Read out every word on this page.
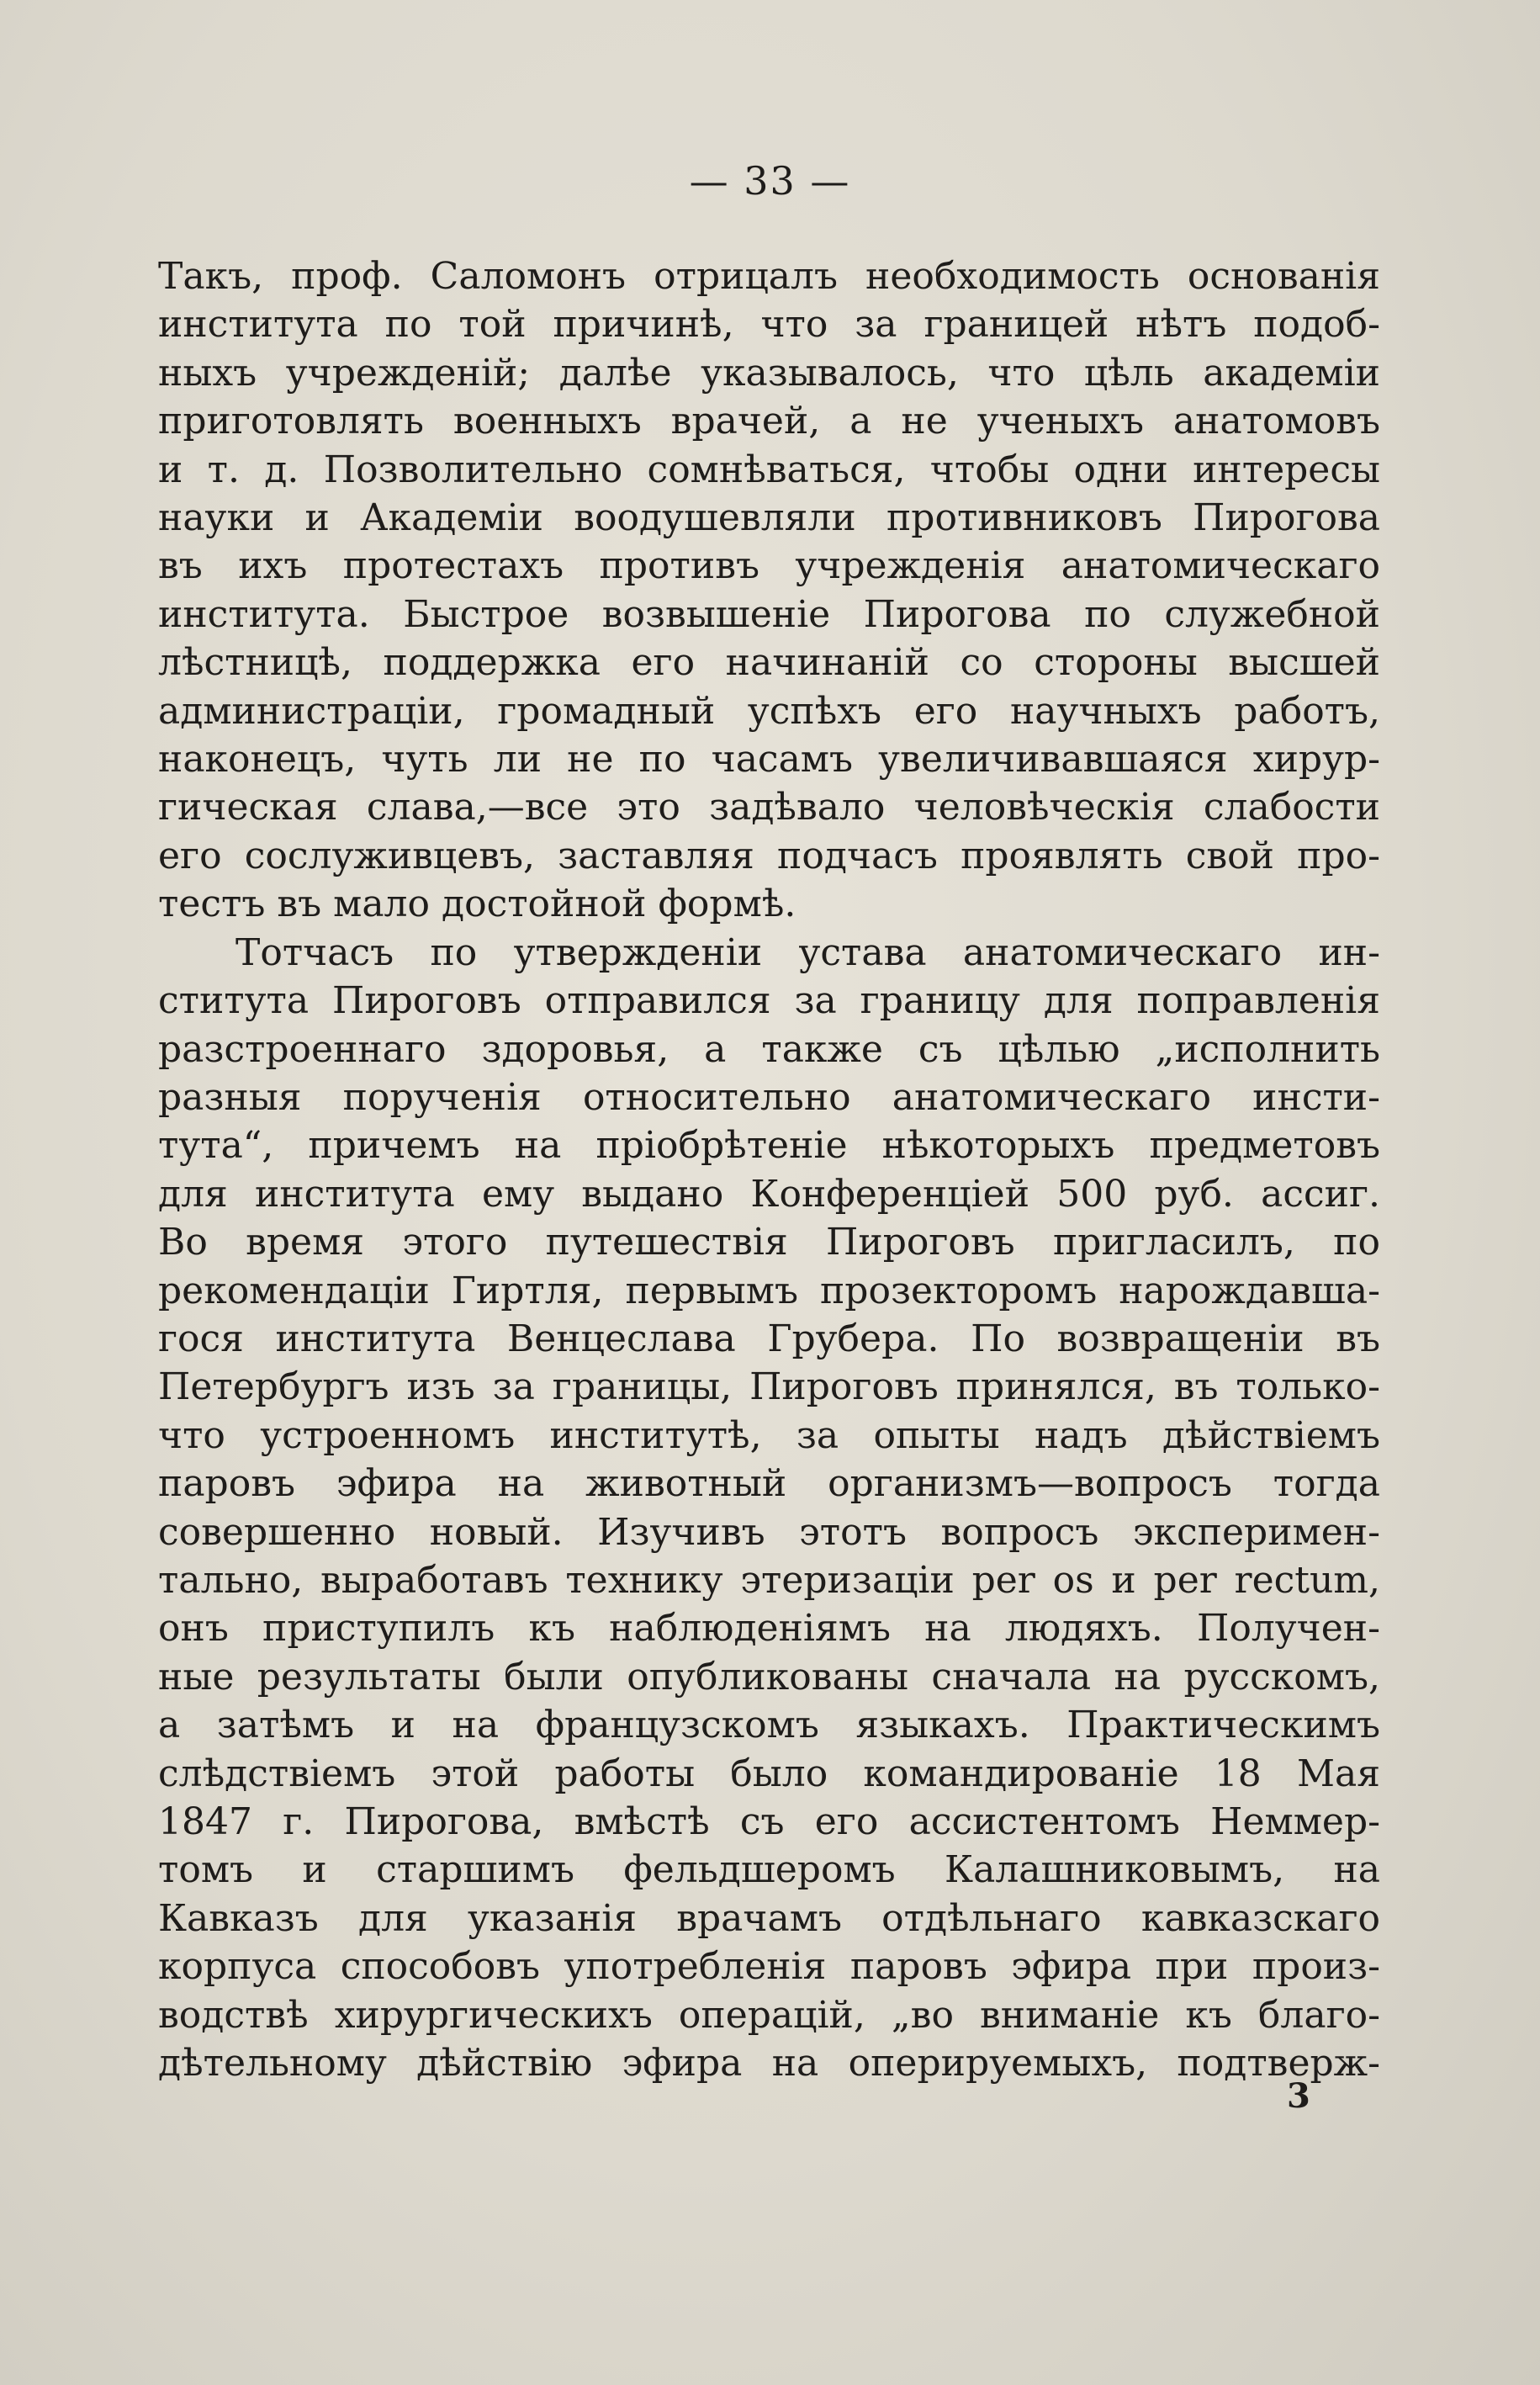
— 33 —
Такъ, проф. Саломонъ отрицалъ необходимость основанія
института по той причинѣ, что за границей нѣтъ подоб-
ныхъ учрежденій; далѣе указывалось, что цѣль академіи
приготовлять военныхъ врачей, а не ученыхъ анатомовъ
и т. д. Позволительно сомнѣваться, чтобы одни интересы
науки и Академіи воодушевляли противниковъ Пирогова
въ ихъ протестахъ противъ учрежденія анатомическаго
института. Быстрое возвышеніе Пирогова по служебной
лѣстницѣ, поддержка его начинаній со стороны высшей
администраціи, громадный успѣхъ его научныхъ работъ,
наконецъ, чуть ли не по часамъ увеличивавшаяся хирур-
гическая слава,—все это задѣвало человѣческія слабости
его сослуживцевъ, заставляя подчасъ проявлять свой про-
тестъ въ мало достойной формѣ.
Тотчасъ по утвержденіи устава анатомическаго ин-
ститута Пироговъ отправился за границу для поправленія
разстроеннаго здоровья, а также съ цѣлью „исполнить
разныя порученія относительно анатомическаго инсти-
тута“, причемъ на пріобрѣтеніе нѣкоторыхъ предметовъ
для института ему выдано Конференціей 500 руб. ассиг.
Во время этого путешествія Пироговъ пригласилъ, по
рекомендаціи Гиртля, первымъ прозекторомъ нарождавша-
гося института Венцеслава Грубера. По возвращеніи въ
Петербургъ изъ за границы, Пироговъ принялся, въ только-
что устроенномъ институтѣ, за опыты надъ дѣйствіемъ
паровъ эфира на животный организмъ—вопросъ тогда
совершенно новый. Изучивъ этотъ вопросъ эксперимен-
тально, выработавъ технику этеризаціи per os и per rectum,
онъ приступилъ къ наблюденіямъ на людяхъ. Получен-
ные результаты были опубликованы сначала на русскомъ,
а затѣмъ и на французскомъ языкахъ. Практическимъ
слѣдствіемъ этой работы было командированіе 18 Мая
1847 г. Пирогова, вмѣстѣ съ его ассистентомъ Неммер-
томъ и старшимъ фельдшеромъ Калашниковымъ, на
Кавказъ для указанія врачамъ отдѣльнаго кавказскаго
корпуса способовъ употребленія паровъ эфира при произ-
водствѣ хирургическихъ операцій, „во вниманіе къ благо-
дѣтельному дѣйствію эфира на оперируемыхъ, подтверж-
3
